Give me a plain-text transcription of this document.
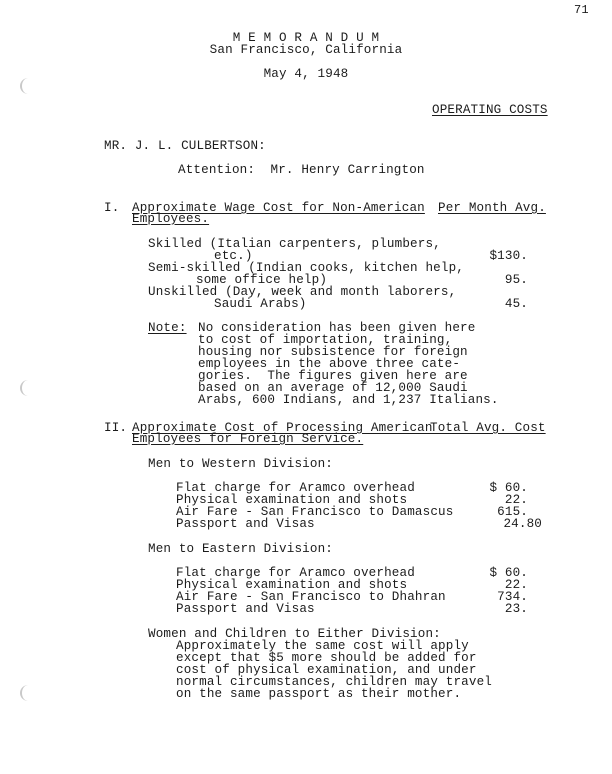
71
M E M O R A N D U M
San Francisco, California
May 4, 1948
OPERATING COSTS
MR. J. L. CULBERTSON:
Attention:  Mr. Henry Carrington
I. Approximate Wage Cost for Non-American
Employees.
Per Month Avg.
Skilled (Italian carpenters, plumbers,
etc.)	$130.
Semi-skilled (Indian cooks, kitchen help,
some office help)	95.
Unskilled (Day, week and month laborers,
Saudi Arabs)	45.
Note: No consideration has been given here
to cost of importation, training,
housing nor subsistence for foreign
employees in the above three cate-
gories.  The figures given here are
based on an average of 12,000 Saudi
Arabs, 600 Indians, and 1,237 Italians.
II. Approximate Cost of Processing American
Employees for Foreign Service.
Total Avg. Cost
Men to Western Division:
Flat charge for Aramco overhead	$ 60.
Physical examination and shots	22.
Air Fare - San Francisco to Damascus	615.
Passport and Visas	24.80
Men to Eastern Division:
Flat charge for Aramco overhead	$ 60.
Physical examination and shots	22.
Air Fare - San Francisco to Dhahran	734.
Passport and Visas	23.
Women and Children to Either Division:
Approximately the same cost will apply
except that $5 more should be added for
cost of physical examination, and under
normal circumstances, children may travel
on the same passport as their mother.
